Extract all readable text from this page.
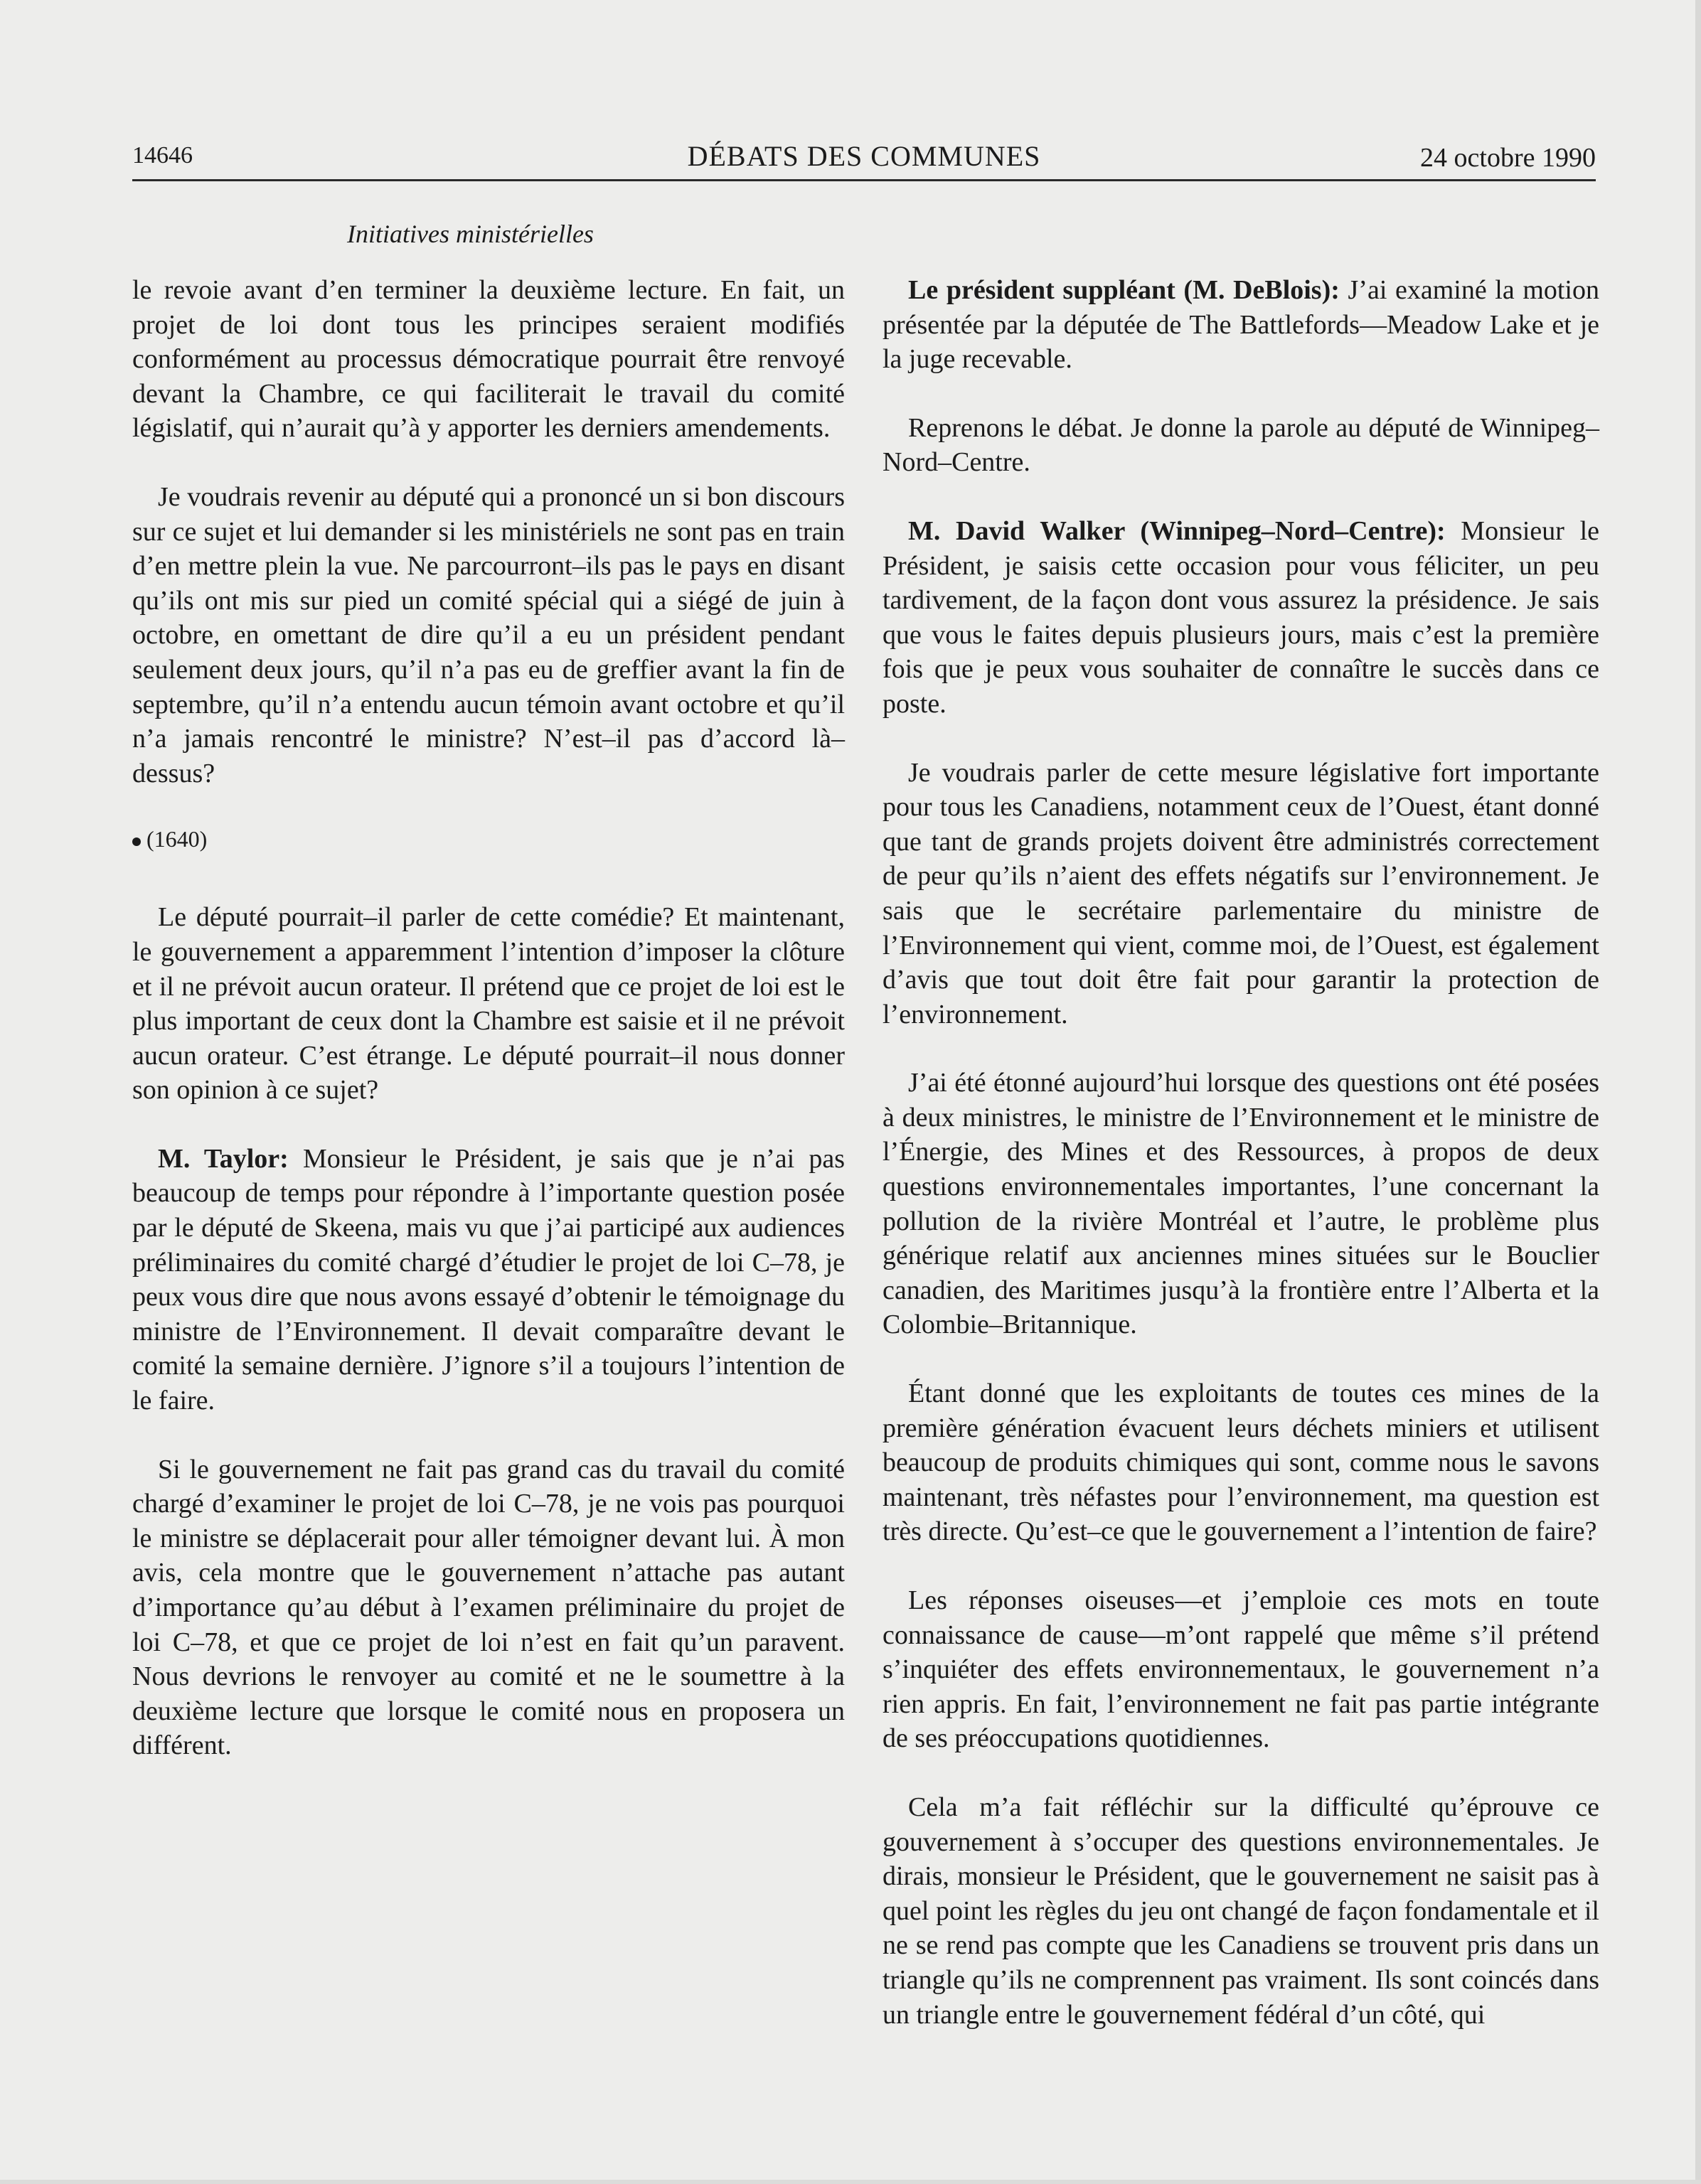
14646	DÉBATS DES COMMUNES	24 octobre 1990
Initiatives ministérielles

le revoie avant d’en terminer la deuxième lecture. En fait, un projet de loi dont tous les principes seraient modifiés conformément au processus démocratique pourrait être renvoyé devant la Chambre, ce qui faciliterait le travail du comité législatif, qui n’aurait qu’à y apporter les derniers amendements.

Je voudrais revenir au député qui a prononcé un si bon discours sur ce sujet et lui demander si les ministériels ne sont pas en train d’en mettre plein la vue. Ne parcourront–ils pas le pays en disant qu’ils ont mis sur pied un comité spécial qui a siégé de juin à octobre, en omettant de dire qu’il a eu un président pendant seulement deux jours, qu’il n’a pas eu de greffier avant la fin de septembre, qu’il n’a entendu aucun témoin avant octobre et qu’il n’a jamais rencontré le ministre? N’est–il pas d’accord là–dessus?

(1640)

Le député pourrait–il parler de cette comédie? Et maintenant, le gouvernement a apparemment l’intention d’imposer la clôture et il ne prévoit aucun orateur. Il prétend que ce projet de loi est le plus important de ceux dont la Chambre est saisie et il ne prévoit aucun orateur. C’est étrange. Le député pourrait–il nous donner son opinion à ce sujet?

M. Taylor: Monsieur le Président, je sais que je n’ai pas beaucoup de temps pour répondre à l’importante question posée par le député de Skeena, mais vu que j’ai participé aux audiences préliminaires du comité chargé d’étudier le projet de loi C–78, je peux vous dire que nous avons essayé d’obtenir le témoignage du ministre de l’Environnement. Il devait comparaître devant le comité la semaine dernière. J’ignore s’il a toujours l’intention de le faire.

Si le gouvernement ne fait pas grand cas du travail du comité chargé d’examiner le projet de loi C–78, je ne vois pas pourquoi le ministre se déplacerait pour aller témoigner devant lui. À mon avis, cela montre que le gouvernement n’attache pas autant d’importance qu’au début à l’examen préliminaire du projet de loi C–78, et que ce projet de loi n’est en fait qu’un paravent. Nous devrions le renvoyer au comité et ne le soumettre à la deuxième lecture que lorsque le comité nous en proposera un différent.

Le président suppléant (M. DeBlois): J’ai examiné la motion présentée par la députée de The Battlefords—Meadow Lake et je la juge recevable.

Reprenons le débat. Je donne la parole au député de Winnipeg–Nord–Centre.

M. David Walker (Winnipeg–Nord–Centre): Monsieur le Président, je saisis cette occasion pour vous féliciter, un peu tardivement, de la façon dont vous assurez la présidence. Je sais que vous le faites depuis plusieurs jours, mais c’est la première fois que je peux vous souhaiter de connaître le succès dans ce poste.

Je voudrais parler de cette mesure législative fort importante pour tous les Canadiens, notamment ceux de l’Ouest, étant donné que tant de grands projets doivent être administrés correctement de peur qu’ils n’aient des effets négatifs sur l’environnement. Je sais que le secrétaire parlementaire du ministre de l’Environnement qui vient, comme moi, de l’Ouest, est également d’avis que tout doit être fait pour garantir la protection de l’environnement.

J’ai été étonné aujourd’hui lorsque des questions ont été posées à deux ministres, le ministre de l’Environnement et le ministre de l’Énergie, des Mines et des Ressources, à propos de deux questions environnementales importantes, l’une concernant la pollution de la rivière Montréal et l’autre, le problème plus générique relatif aux anciennes mines situées sur le Bouclier canadien, des Maritimes jusqu’à la frontière entre l’Alberta et la Colombie–Britannique.

Étant donné que les exploitants de toutes ces mines de la première génération évacuent leurs déchets miniers et utilisent beaucoup de produits chimiques qui sont, comme nous le savons maintenant, très néfastes pour l’environnement, ma question est très directe. Qu’est–ce que le gouvernement a l’intention de faire?

Les réponses oiseuses—et j’emploie ces mots en toute connaissance de cause—m’ont rappelé que même s’il prétend s’inquiéter des effets environnementaux, le gouvernement n’a rien appris. En fait, l’environnement ne fait pas partie intégrante de ses préoccupations quotidiennes.

Cela m’a fait réfléchir sur la difficulté qu’éprouve ce gouvernement à s’occuper des questions environnementales. Je dirais, monsieur le Président, que le gouvernement ne saisit pas à quel point les règles du jeu ont changé de façon fondamentale et il ne se rend pas compte que les Canadiens se trouvent pris dans un triangle qu’ils ne comprennent pas vraiment. Ils sont coincés dans un triangle entre le gouvernement fédéral d’un côté, qui
